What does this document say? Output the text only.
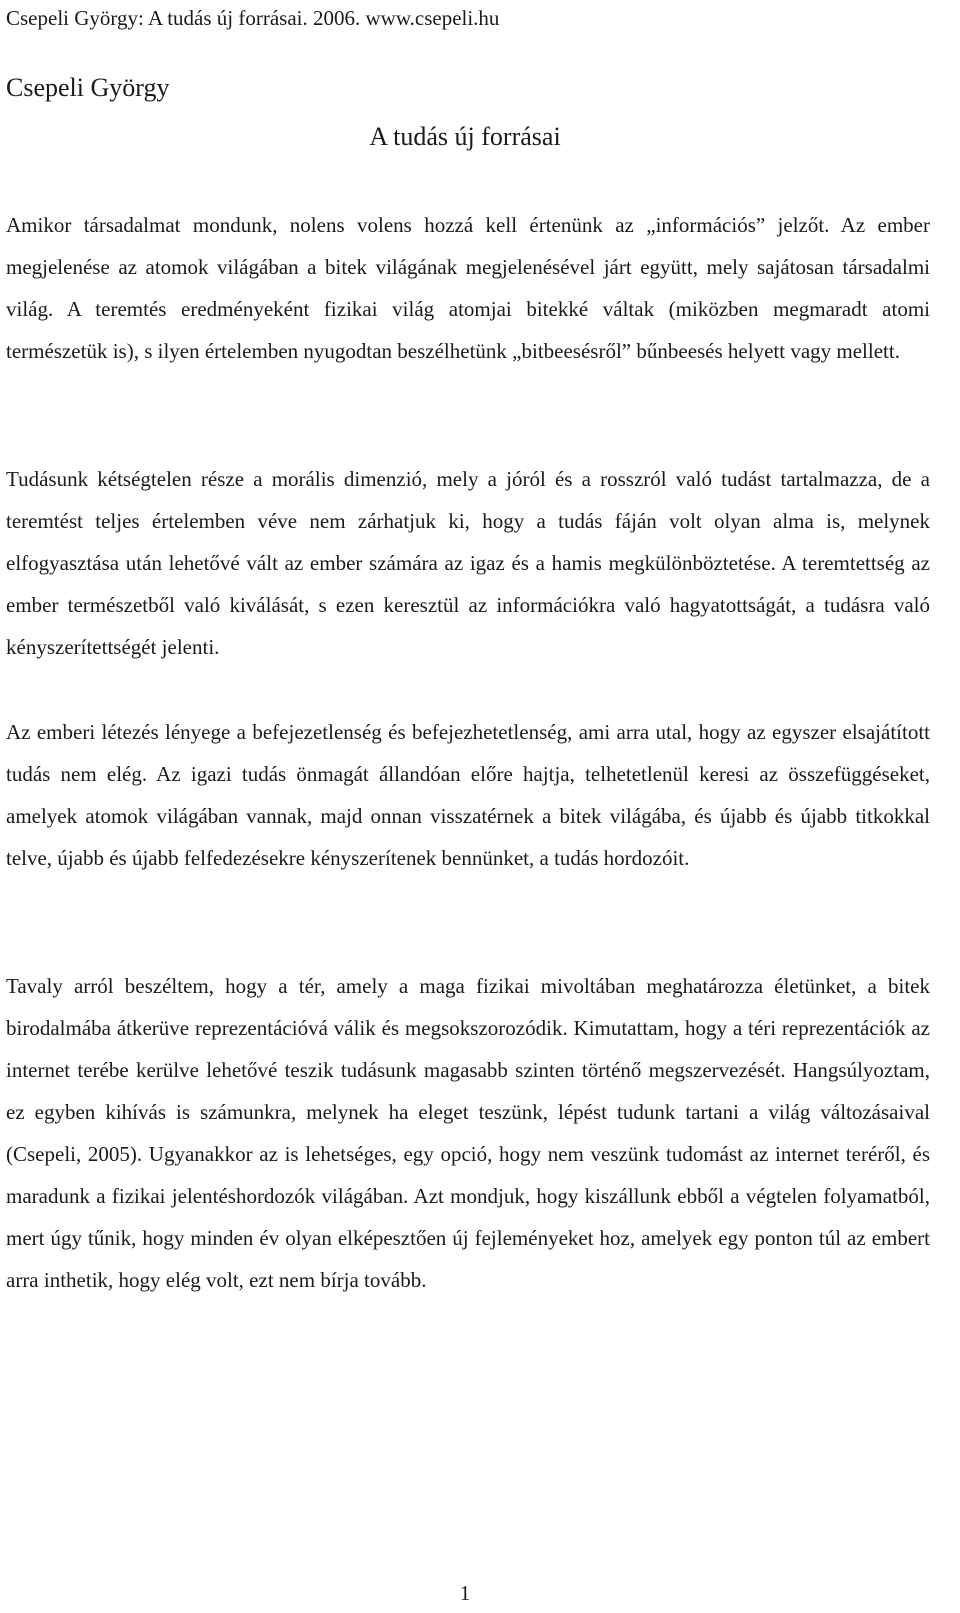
Csepeli György: A tudás új forrásai. 2006. www.csepeli.hu
Csepeli György
A tudás új forrásai

Amikor társadalmat mondunk, nolens volens hozzá kell értenünk az „információs” jelzőt. Az ember megjelenése az atomok világában a bitek világának megjelenésével járt együtt, mely sajátosan társadalmi világ. A teremtés eredményeként fizikai világ atomjai bitekké váltak (miközben megmaradt atomi természetük is), s ilyen értelemben nyugodtan beszélhetünk „bitbeesésről” bűnbeesés helyett vagy mellett.

Tudásunk kétségtelen része a morális dimenzió, mely a jóról és a rosszról való tudást tartalmazza, de a teremtést teljes értelemben véve nem zárhatjuk ki, hogy a tudás fáján volt olyan alma is, melynek elfogyasztása után lehetővé vált az ember számára az igaz és a hamis megkülönböztetése. A teremtettség az ember természetből való kiválását, s ezen keresztül az információkra való hagyatottságát, a tudásra való kényszerítettségét jelenti.

Az emberi létezés lényege a befejezetlenség és befejezhetetlenség, ami arra utal, hogy az egyszer elsajátított tudás nem elég. Az igazi tudás önmagát állandóan előre hajtja, telhetetlenül keresi az összefüggéseket, amelyek atomok világában vannak, majd onnan visszatérnek a bitek világába, és újabb és újabb titkokkal telve, újabb és újabb felfedezésekre kényszerítenek bennünket, a tudás hordozóit.

Tavaly arról beszéltem, hogy a tér, amely a maga fizikai mivoltában meghatározza életünket, a bitek birodalmába átkerüve reprezentációvá válik és megsokszorozódik. Kimutattam, hogy a téri reprezentációk az internet terébe kerülve lehetővé teszik tudásunk magasabb szinten történő megszervezését. Hangsúlyoztam, ez egyben kihívás is számunkra, melynek ha eleget teszünk, lépést tudunk tartani a világ változásaival (Csepeli, 2005). Ugyanakkor az is lehetséges, egy opció, hogy nem veszünk tudomást az internet teréről, és maradunk a fizikai jelentéshordozók világában. Azt mondjuk, hogy kiszállunk ebből a végtelen folyamatból, mert úgy tűnik, hogy minden év olyan elképesztően új fejleményeket hoz, amelyek egy ponton túl az embert arra inthetik, hogy elég volt, ezt nem bírja tovább.

1
